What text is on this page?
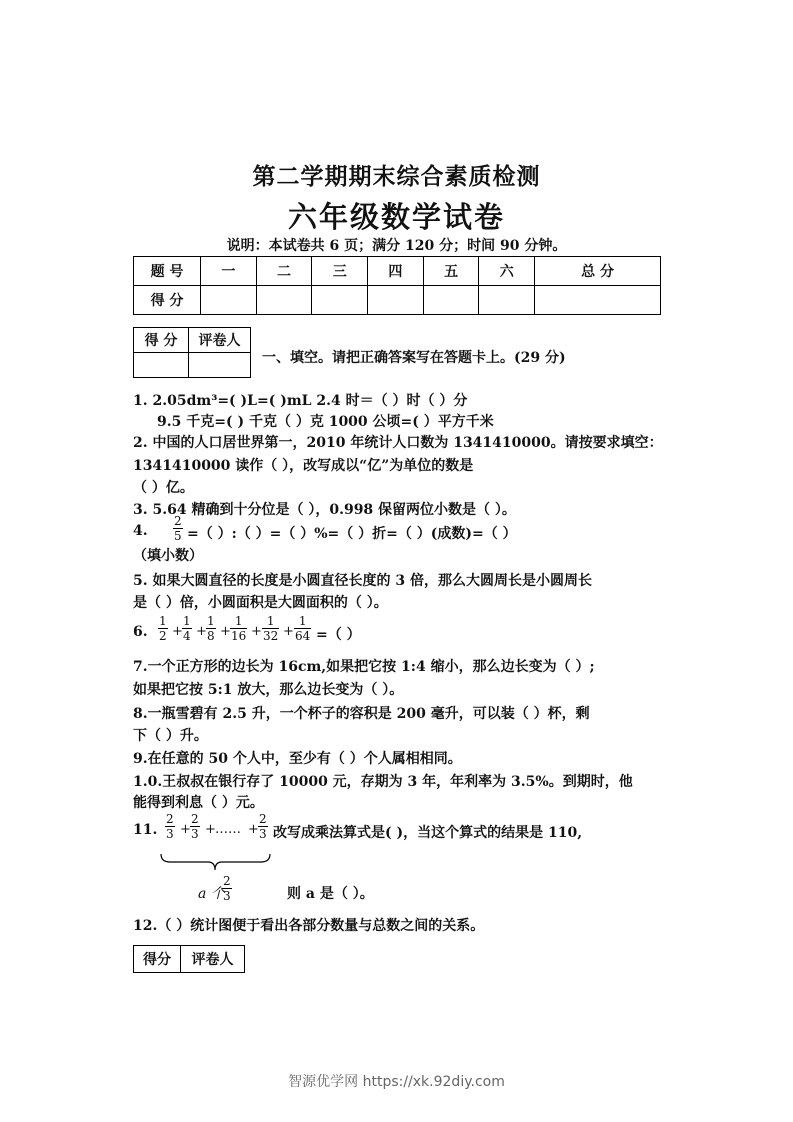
第二学期期末综合素质检测
六年级数学试卷
说明：本试卷共 6 页；满分 120 分；时间 90 分钟。
题 号	一	二	三	四	五	六	总 分
得 分							
得 分	评卷人

一、填空。请把正确答案写在答题卡上。(29 分)
1. 2.05dm³=( )L=( )mL 2.4 时＝（ ）时（ ）分
9.5 千克=( ) 千克（ ）克 1000 公顷=( ）平方千米
2. 中国的人口居世界第一，2010 年统计人口数为 1341410000。请按要求填空：
1341410000 读作（ ），改写成以“亿”为单位的数是
（ ）亿。
3. 5.64 精确到十分位是（ ），0.998 保留两位小数是（ ）。
4. $\frac{2}{5}$ =（ ）:（ ）=（ ）%=（ ）折=（ ）(成数)=（ ）
（填小数）
5. 如果大圆直径的长度是小圆直径长度的 3 倍，那么大圆周长是小圆周长
是（ ）倍，小圆面积是大圆面积的（ ）。
6. $\frac{1}{2} + \frac{1}{4} + \frac{1}{8} + \frac{1}{16} + \frac{1}{32} + \frac{1}{64}$ =（ ）
7.一个正方形的边长为 16cm,如果把它按 1:4 缩小，那么边长变为（ ）;
如果把它按 5:1 放大，那么边长变为（ ）。
8.一瓶雪碧有 2.5 升，一个杯子的容积是 200 毫升，可以装（ ）杯，剩
下（ ）升。
9.在任意的 50 个人中，至少有（ ）个人属相相同。
1.0.王叔叔在银行存了 10000 元，存期为 3 年，年利率为 3.5%。到期时，他
能得到利息（ ）元。
11. $\frac{2}{3} + \frac{2}{3}$ + …… + $\frac{2}{3}$ 改写成乘法算式是( )，当这个算式的结果是 110,
a 个
$\frac{2}{3}$	则 a 是（ ）。
12.（ ）统计图便于看出各部分数量与总数之间的关系。
得分	评卷人
智源优学网 https://xk.92diy.com
